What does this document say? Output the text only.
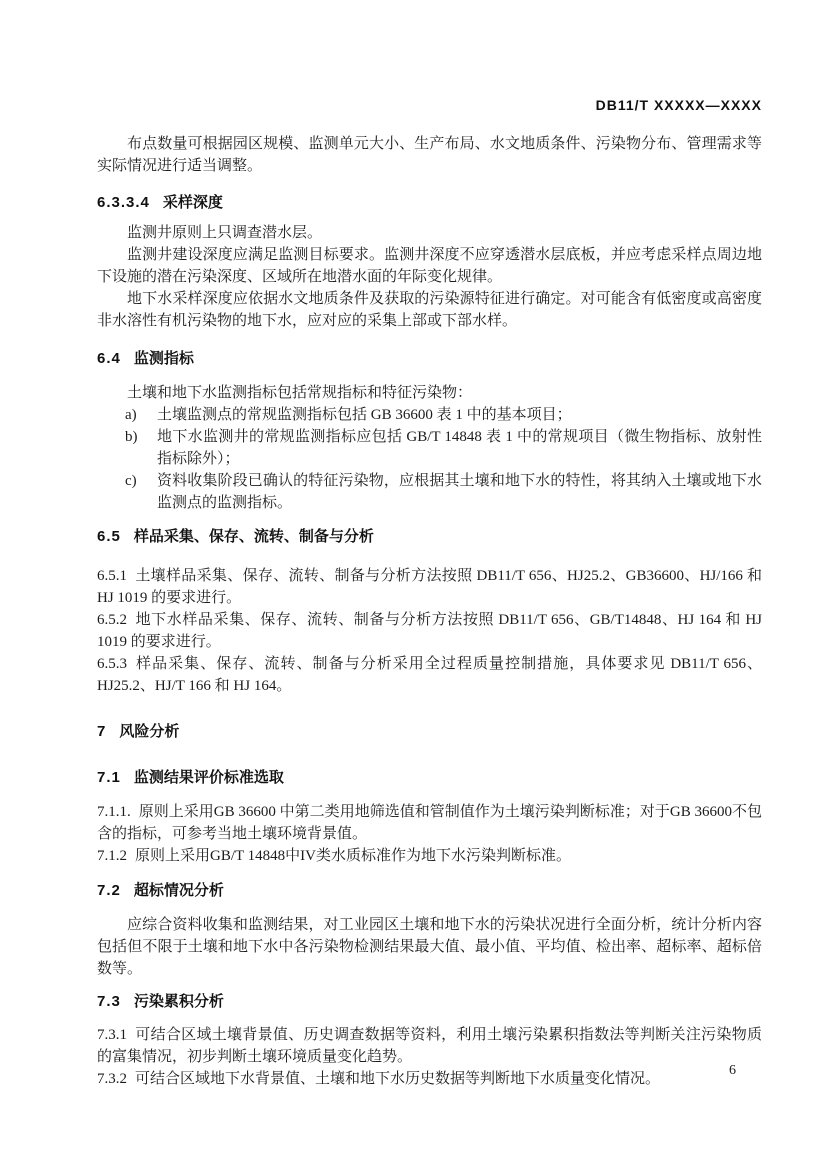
DB11/T XXXXX—XXXX

布点数量可根据园区规模、监测单元大小、生产布局、水文地质条件、污染物分布、管理需求等实际情况进行适当调整。

6.3.3.4 采样深度

监测井原则上只调查潜水层。

监测井建设深度应满足监测目标要求。监测井深度不应穿透潜水层底板，并应考虑采样点周边地下设施的潜在污染深度、区域所在地潜水面的年际变化规律。

地下水采样深度应依据水文地质条件及获取的污染源特征进行确定。对可能含有低密度或高密度非水溶性有机污染物的地下水，应对应的采集上部或下部水样。

6.4 监测指标

土壤和地下水监测指标包括常规指标和特征污染物：

a) 土壤监测点的常规监测指标包括 GB 36600 表 1 中的基本项目；
b) 地下水监测井的常规监测指标应包括 GB/T 14848 表 1 中的常规项目（微生物指标、放射性指标除外）；
c) 资料收集阶段已确认的特征污染物，应根据其土壤和地下水的特性，将其纳入土壤或地下水监测点的监测指标。
6.5 样品采集、保存、流转、制备与分析

6.5.1 土壤样品采集、保存、流转、制备与分析方法按照 DB11/T 656、HJ25.2、GB36600、HJ/166 和 HJ 1019 的要求进行。

6.5.2 地下水样品采集、保存、流转、制备与分析方法按照 DB11/T 656、GB/T14848、HJ 164 和 HJ 1019 的要求进行。

6.5.3 样品采集、保存、流转、制备与分析采用全过程质量控制措施，具体要求见 DB11/T 656、HJ25.2、HJ/T 166 和 HJ 164。

7 风险分析
7.1 监测结果评价标准选取

7.1.1. 原则上采用GB 36600 中第二类用地筛选值和管制值作为土壤污染判断标准；对于GB 36600不包含的指标，可参考当地土壤环境背景值。

7.1.2 原则上采用GB/T 14848中IV类水质标准作为地下水污染判断标准。

7.2 超标情况分析

应综合资料收集和监测结果，对工业园区土壤和地下水的污染状况进行全面分析，统计分析内容包括但不限于土壤和地下水中各污染物检测结果最大值、最小值、平均值、检出率、超标率、超标倍数等。

7.3 污染累积分析

7.3.1 可结合区域土壤背景值、历史调查数据等资料，利用土壤污染累积指数法等判断关注污染物质的富集情况，初步判断土壤环境质量变化趋势。

7.3.2 可结合区域地下水背景值、土壤和地下水历史数据等判断地下水质量变化情况。

6
